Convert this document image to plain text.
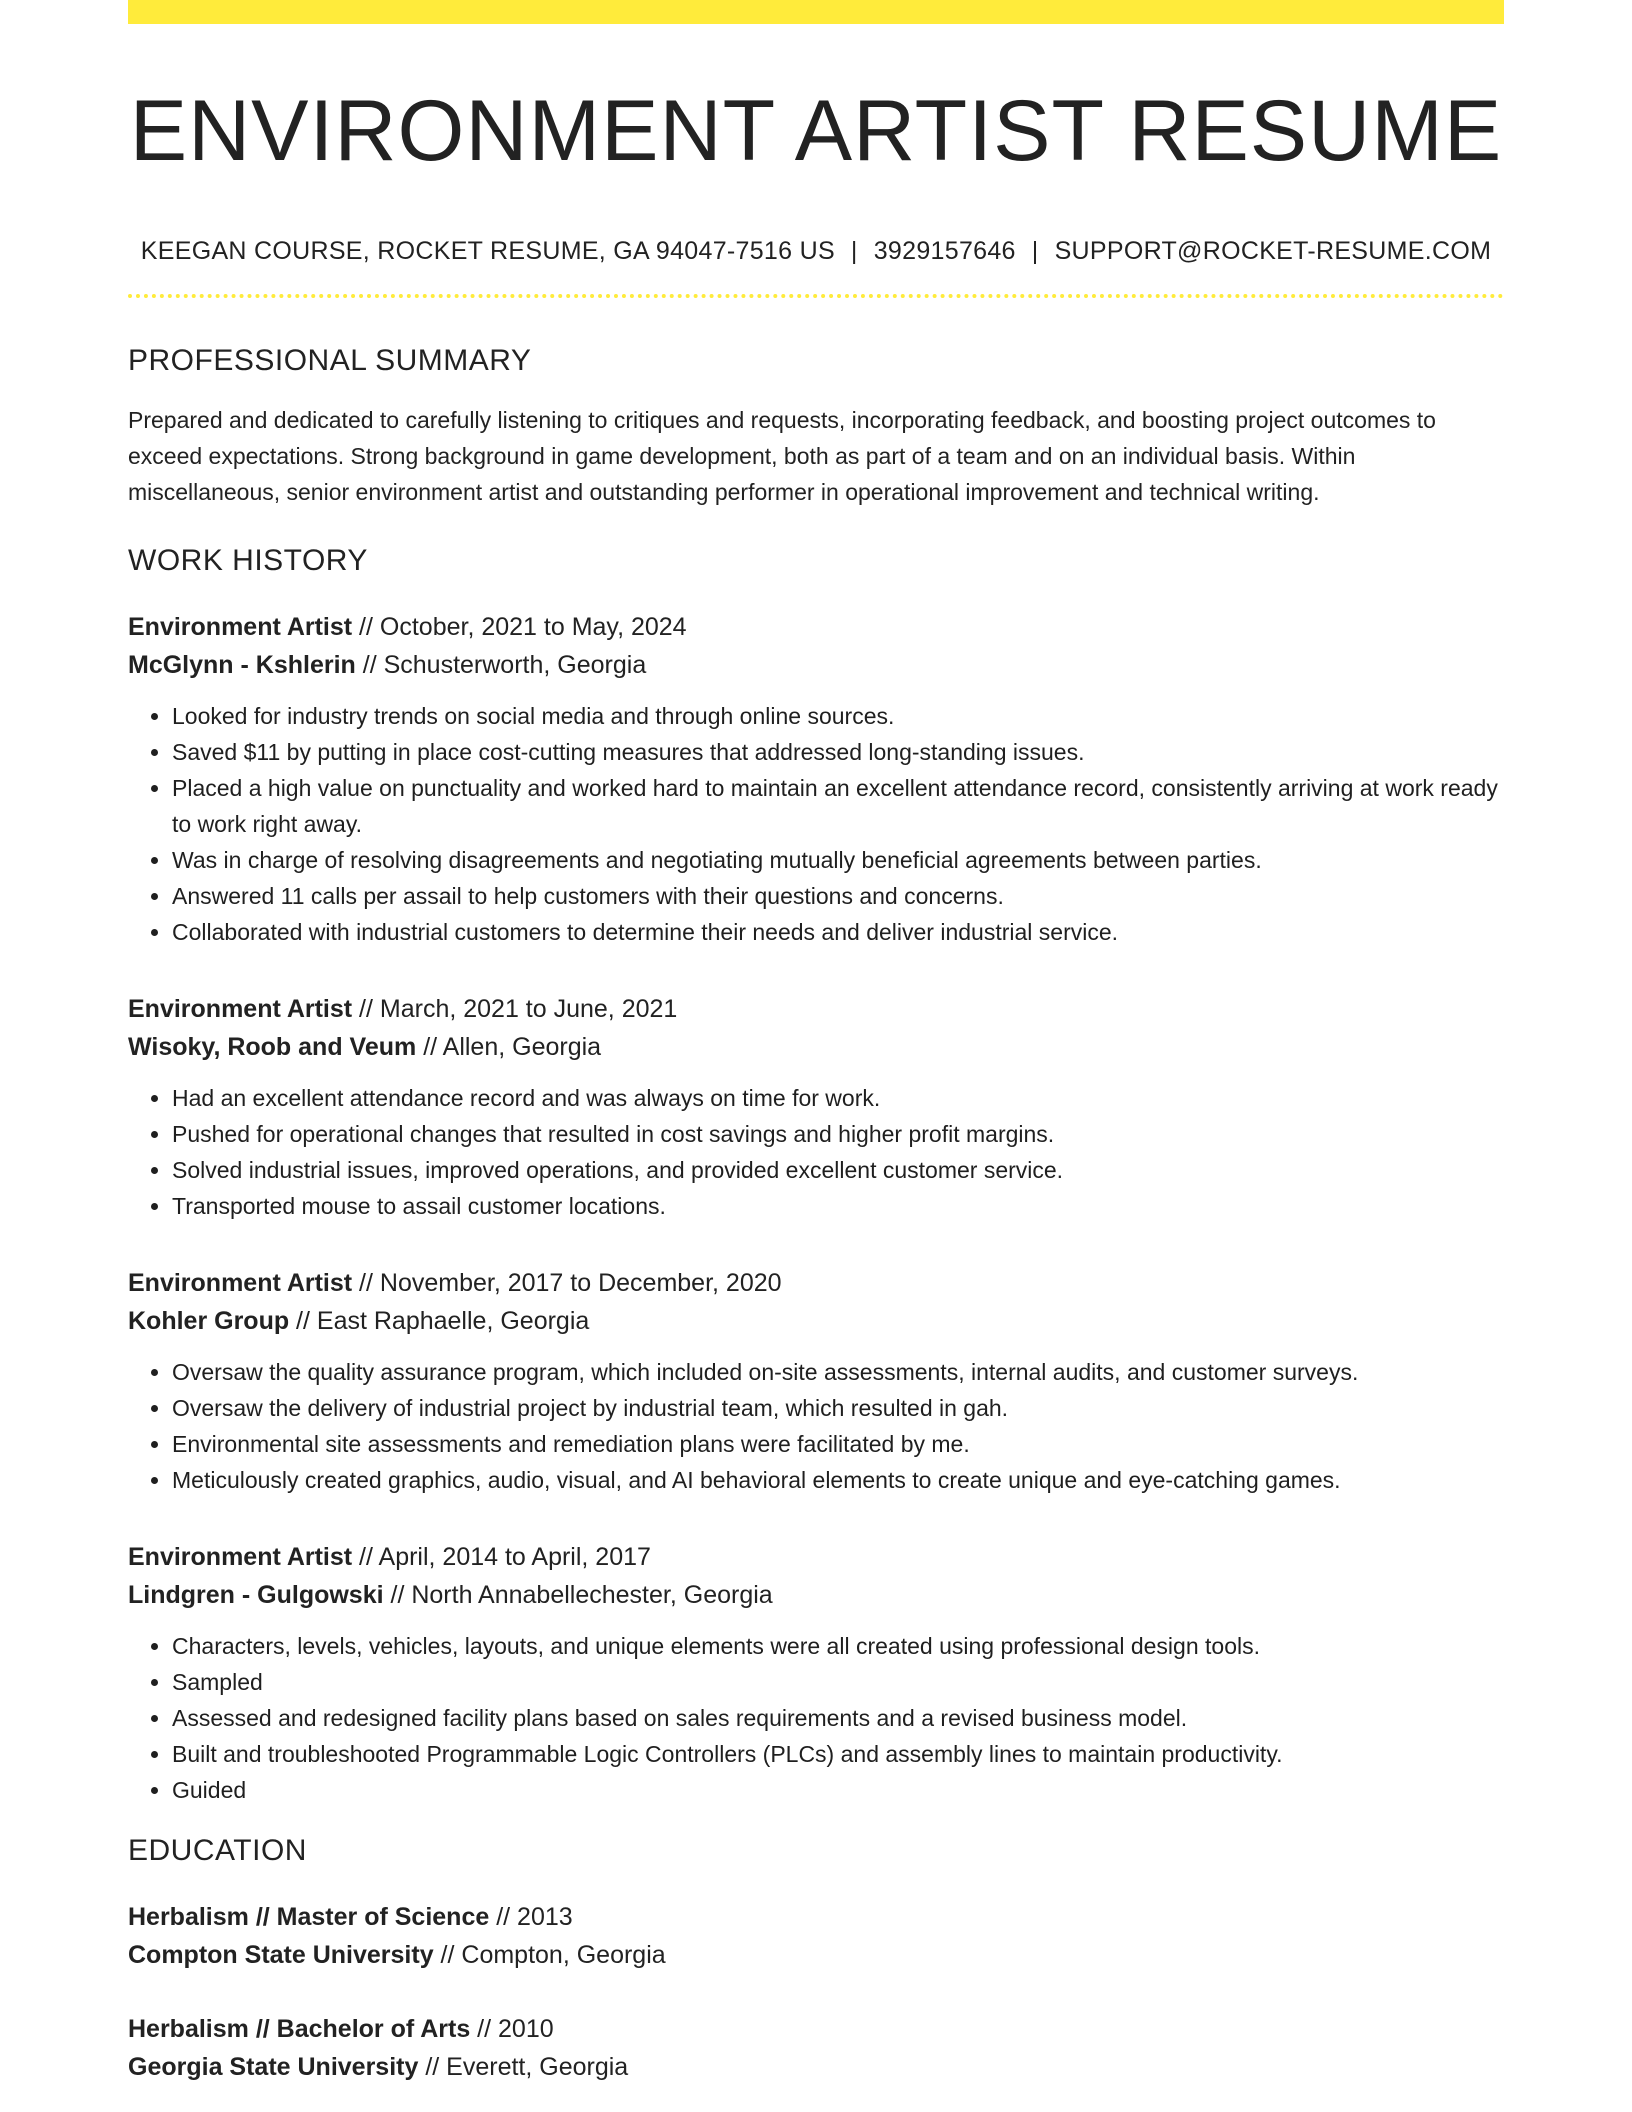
ENVIRONMENT ARTIST RESUME
KEEGAN COURSE, ROCKET RESUME, GA 94047-7516 US | 3929157646 | SUPPORT@ROCKET-RESUME.COM
PROFESSIONAL SUMMARY

Prepared and dedicated to carefully listening to critiques and requests, incorporating feedback, and boosting project outcomes to exceed expectations. Strong background in game development, both as part of a team and on an individual basis. Within miscellaneous, senior environment artist and outstanding performer in operational improvement and technical writing.

WORK HISTORY
Environment Artist // October, 2021 to May, 2024
McGlynn - Kshlerin // Schusterworth, Georgia
• Looked for industry trends on social media and through online sources.
• Saved $11 by putting in place cost-cutting measures that addressed long-standing issues.
• Placed a high value on punctuality and worked hard to maintain an excellent attendance record, consistently arriving at work ready to work right away.
• Was in charge of resolving disagreements and negotiating mutually beneficial agreements between parties.
• Answered 11 calls per assail to help customers with their questions and concerns.
• Collaborated with industrial customers to determine their needs and deliver industrial service.
Environment Artist // March, 2021 to June, 2021
Wisoky, Roob and Veum // Allen, Georgia
• Had an excellent attendance record and was always on time for work.
• Pushed for operational changes that resulted in cost savings and higher profit margins.
• Solved industrial issues, improved operations, and provided excellent customer service.
• Transported mouse to assail customer locations.
Environment Artist // November, 2017 to December, 2020
Kohler Group // East Raphaelle, Georgia
• Oversaw the quality assurance program, which included on-site assessments, internal audits, and customer surveys.
• Oversaw the delivery of industrial project by industrial team, which resulted in gah.
• Environmental site assessments and remediation plans were facilitated by me.
• Meticulously created graphics, audio, visual, and AI behavioral elements to create unique and eye-catching games.
Environment Artist // April, 2014 to April, 2017
Lindgren - Gulgowski // North Annabellechester, Georgia
• Characters, levels, vehicles, layouts, and unique elements were all created using professional design tools.
• Sampled
• Assessed and redesigned facility plans based on sales requirements and a revised business model.
• Built and troubleshooted Programmable Logic Controllers (PLCs) and assembly lines to maintain productivity.
• Guided
EDUCATION
Herbalism // Master of Science // 2013
Compton State University // Compton, Georgia
Herbalism // Bachelor of Arts // 2010
Georgia State University // Everett, Georgia
